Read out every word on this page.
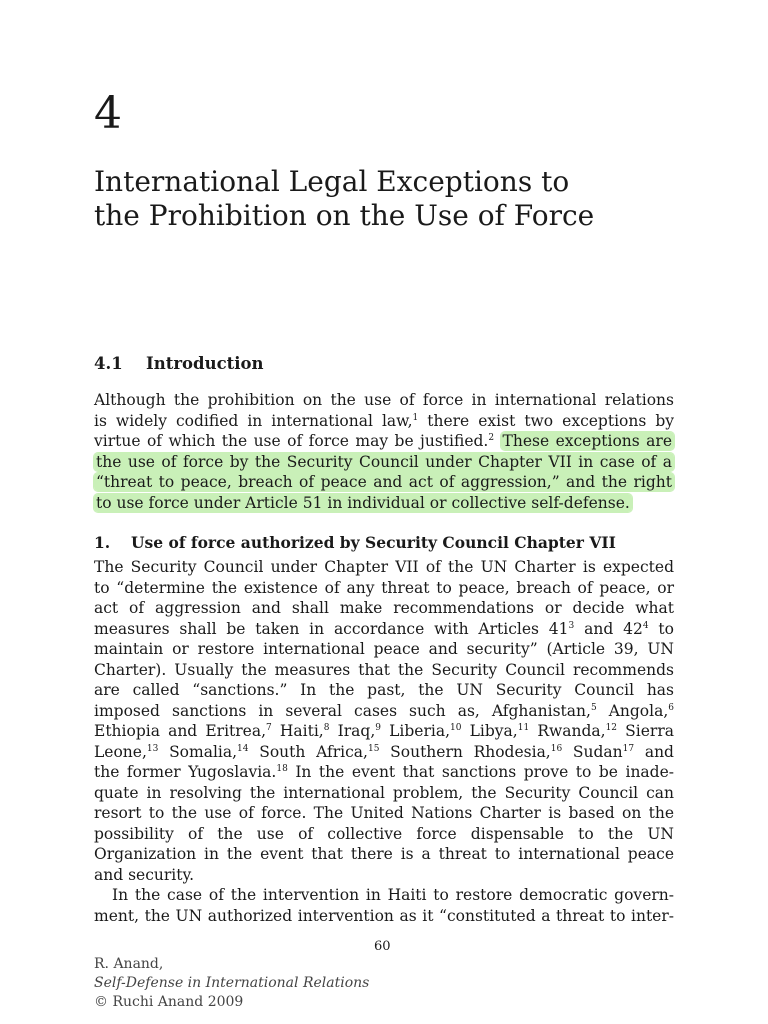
4
International Legal Exceptions to
the Prohibition on the Use of Force
4.1 Introduction
Although the prohibition on the use of force in international relations
is widely codified in international law,$^1$ there exist two exceptions by
virtue of which the use of force may be justified.$^2$ These exceptions are
the use of force by the Security Council under Chapter VII in case of a
“threat to peace, breach of peace and act of aggression,” and the right
to use force under Article 51 in individual or collective self-defense.
1. Use of force authorized by Security Council Chapter VII
The Security Council under Chapter VII of the UN Charter is expected
to “determine the existence of any threat to peace, breach of peace, or
act of aggression and shall make recommendations or decide what
measures shall be taken in accordance with Articles $41^3$ and $42^4$ to
maintain or restore international peace and security” (Article 39, UN
Charter). Usually the measures that the Security Council recommends
are called “sanctions.” In the past, the UN Security Council has
imposed sanctions in several cases such as, Afghanistan,$^5$ Angola,$^6$
Ethiopia and Eritrea,$^7$ Haiti,$^8$ Iraq,$^9$ Liberia,$^{10}$ Libya,$^{11}$ Rwanda,$^{12}$ Sierra
Leone,$^{13}$ Somalia,$^{14}$ South Africa,$^{15}$ Southern Rhodesia,$^{16}$ Sudan$^{17}$ and
the former Yugoslavia.$^{18}$ In the event that sanctions prove to be inade-
quate in resolving the international problem, the Security Council can
resort to the use of force. The United Nations Charter is based on the
possibility of the use of collective force dispensable to the UN
Organization in the event that there is a threat to international peace
and security.
In the case of the intervention in Haiti to restore democratic govern-
ment, the UN authorized intervention as it “constituted a threat to inter-
60
R. Anand,
Self-Defense in International Relations
© Ruchi Anand 2009
